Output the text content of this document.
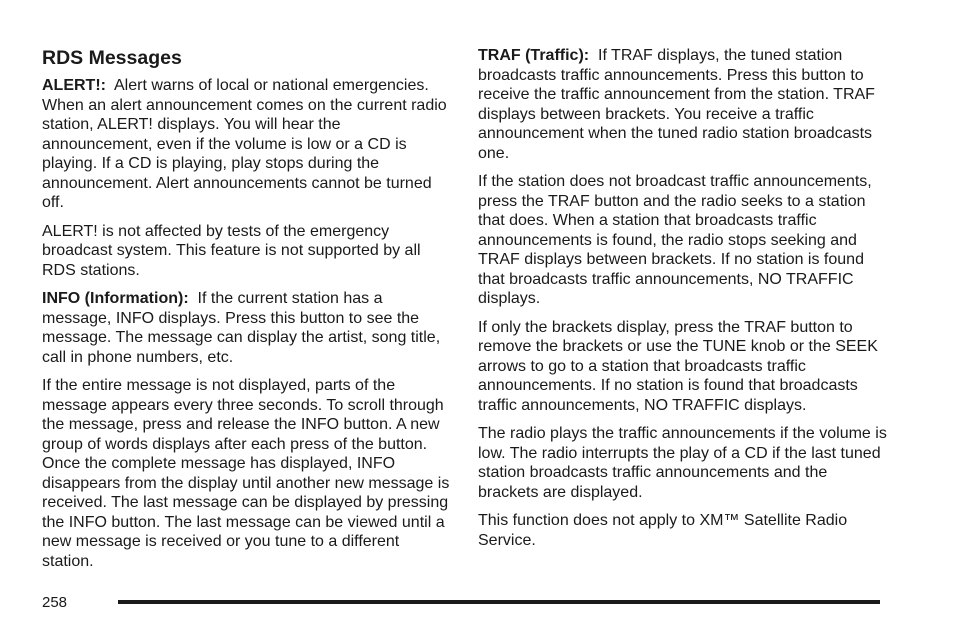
RDS Messages

ALERT!: Alert warns of local or national emergencies. When an alert announcement comes on the current radio station, ALERT! displays. You will hear the announcement, even if the volume is low or a CD is playing. If a CD is playing, play stops during the announcement. Alert announcements cannot be turned off.

ALERT! is not affected by tests of the emergency broadcast system. This feature is not supported by all RDS stations.

INFO (Information): If the current station has a message, INFO displays. Press this button to see the message. The message can display the artist, song title, call in phone numbers, etc.

If the entire message is not displayed, parts of the message appears every three seconds. To scroll through the message, press and release the INFO button. A new group of words displays after each press of the button. Once the complete message has displayed, INFO disappears from the display until another new message is received. The last message can be displayed by pressing the INFO button. The last message can be viewed until a new message is received or you tune to a different station.

TRAF (Traffic): If TRAF displays, the tuned station broadcasts traffic announcements. Press this button to receive the traffic announcement from the station. TRAF displays between brackets. You receive a traffic announcement when the tuned radio station broadcasts one.

If the station does not broadcast traffic announcements, press the TRAF button and the radio seeks to a station that does. When a station that broadcasts traffic announcements is found, the radio stops seeking and TRAF displays between brackets. If no station is found that broadcasts traffic announcements, NO TRAFFIC displays.

If only the brackets display, press the TRAF button to remove the brackets or use the TUNE knob or the SEEK arrows to go to a station that broadcasts traffic announcements. If no station is found that broadcasts traffic announcements, NO TRAFFIC displays.

The radio plays the traffic announcements if the volume is low. The radio interrupts the play of a CD if the last tuned station broadcasts traffic announcements and the brackets are displayed.

This function does not apply to XM™ Satellite Radio Service.

258
